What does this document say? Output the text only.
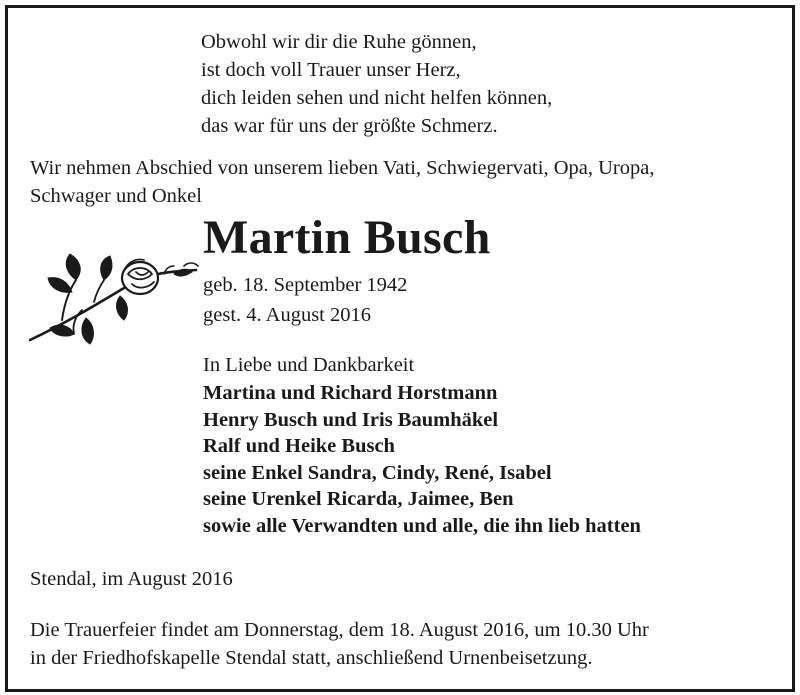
Obwohl wir dir die Ruhe gönnen,
ist doch voll Trauer unser Herz,
dich leiden sehen und nicht helfen können,
das war für uns der größte Schmerz.
Wir nehmen Abschied von unserem lieben Vati, Schwiegervati, Opa, Uropa,
Schwager und Onkel
Martin Busch
geb. 18. September 1942
gest. 4. August 2016
In Liebe und Dankbarkeit
Martina und Richard Horstmann
Henry Busch und Iris Baumhäkel
Ralf und Heike Busch
seine Enkel Sandra, Cindy, René, Isabel
seine Urenkel Ricarda, Jaimee, Ben
sowie alle Verwandten und alle, die ihn lieb hatten
Stendal, im August 2016
Die Trauerfeier findet am Donnerstag, dem 18. August 2016, um 10.30 Uhr
in der Friedhofskapelle Stendal statt, anschließend Urnenbeisetzung.
